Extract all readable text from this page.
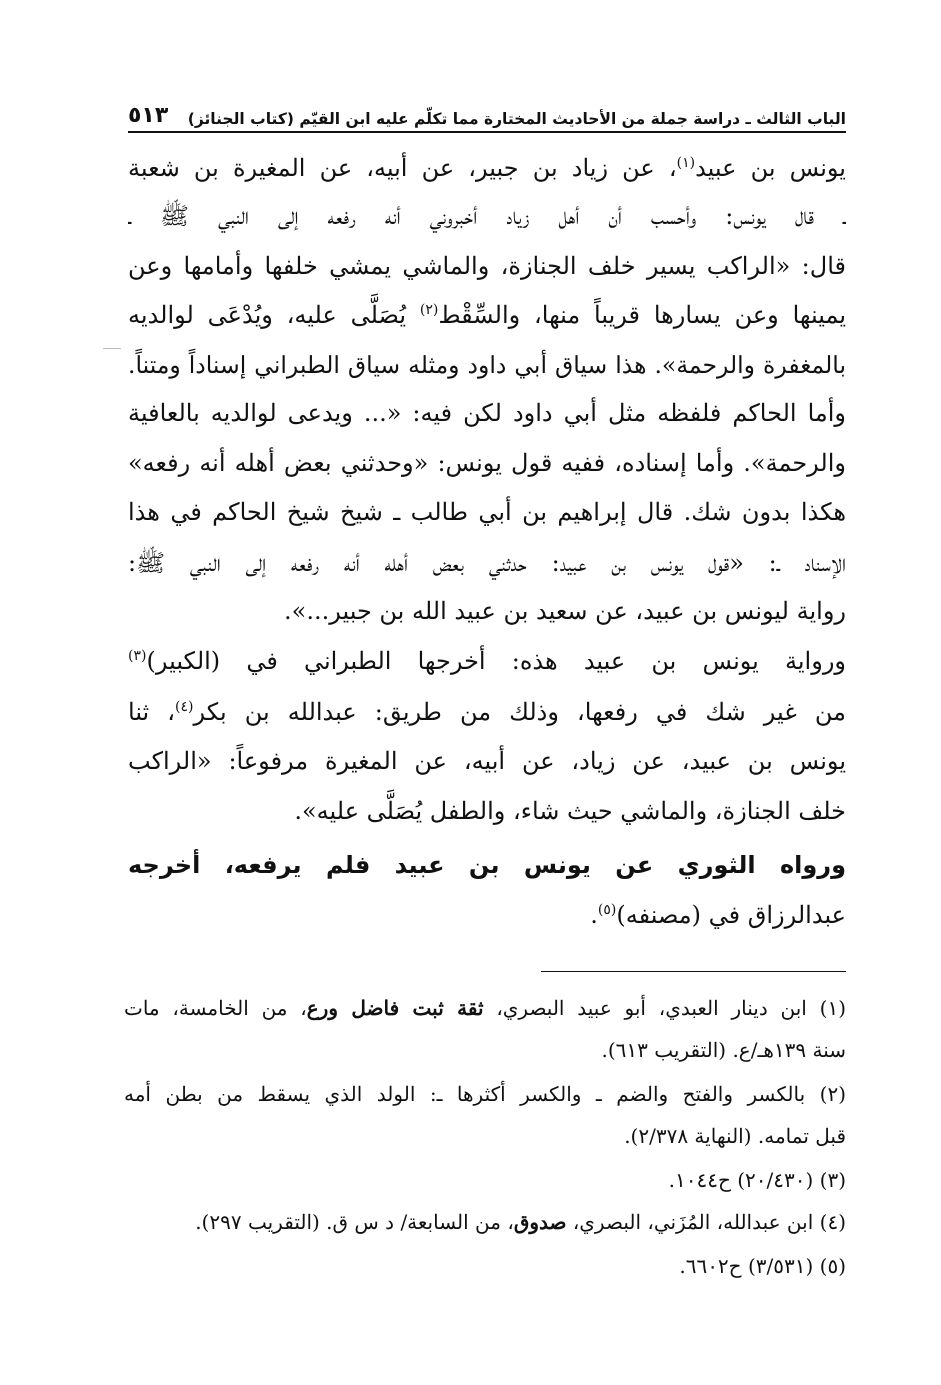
الباب الثالث ـ دراسة جملة من الأحاديث المختارة مما تكلّم عليه ابن القيّم (كتاب الجنائز)
٥١٣
يونس بن عبيد$^{(١)}$، عن زياد بن جبير، عن أبيه، عن المغيرة بن شعبة
ـ قال يونس: وأحسب أن أهل زياد أخبروني أنه رفعه إلى النبي ﷺ ـ
قال: «الراكب يسير خلف الجنازة، والماشي يمشي خلفها وأمامها وعن
يمينها وعن يسارها قريباً منها، والسِّقْط$^{(٢)}$ يُصَلَّى عليه، ويُدْعَى لوالديه
بالمغفرة والرحمة». هذا سياق أبي داود ومثله سياق الطبراني إسناداً ومتناً.
وأما الحاكم فلفظه مثل أبي داود لكن فيه: «... ويدعى لوالديه بالعافية
والرحمة». وأما إسناده، ففيه قول يونس: «وحدثني بعض أهله أنه رفعه»
هكذا بدون شك. قال إبراهيم بن أبي طالب ـ شيخ شيخ الحاكم في هذا
الإسناد ـ: «قول يونس بن عبيد: حدثني بعض أهله أنه رفعه إلى النبي ﷺ:
رواية ليونس بن عبيد، عن سعيد بن عبيد الله بن جبير...».
ورواية يونس بن عبيد هذه: أخرجها الطبراني في (الكبير)$^{(٣)}$
من غير شك في رفعها، وذلك من طريق: عبدالله بن بكر$^{(٤)}$، ثنا
يونس بن عبيد، عن زياد، عن أبيه، عن المغيرة مرفوعاً: «الراكب
خلف الجنازة، والماشي حيث شاء، والطفل يُصَلَّى عليه».
ورواه الثوري عن يونس بن عبيد فلم يرفعه، أخرجه
عبدالرزاق في (مصنفه)$^{(٥)}$.
(١) ابن دينار العبدي، أبو عبيد البصري، ثقة ثبت فاضل ورع، من الخامسة، مات
سنة ١٣٩هـ/ع. (التقريب ٦١٣).
(٢) بالكسر والفتح والضم ـ والكسر أكثرها ـ: الولد الذي يسقط من بطن أمه
قبل تمامه. (النهاية ٢/٣٧٨).
(٣) (٢٠/٤٣٠) ح١٠٤٤.
(٤) ابن عبدالله، المُزَني، البصري، صدوق، من السابعة/ د س ق. (التقريب ٢٩٧).
(٥) (٣/٥٣١) ح٦٦٠٢.
